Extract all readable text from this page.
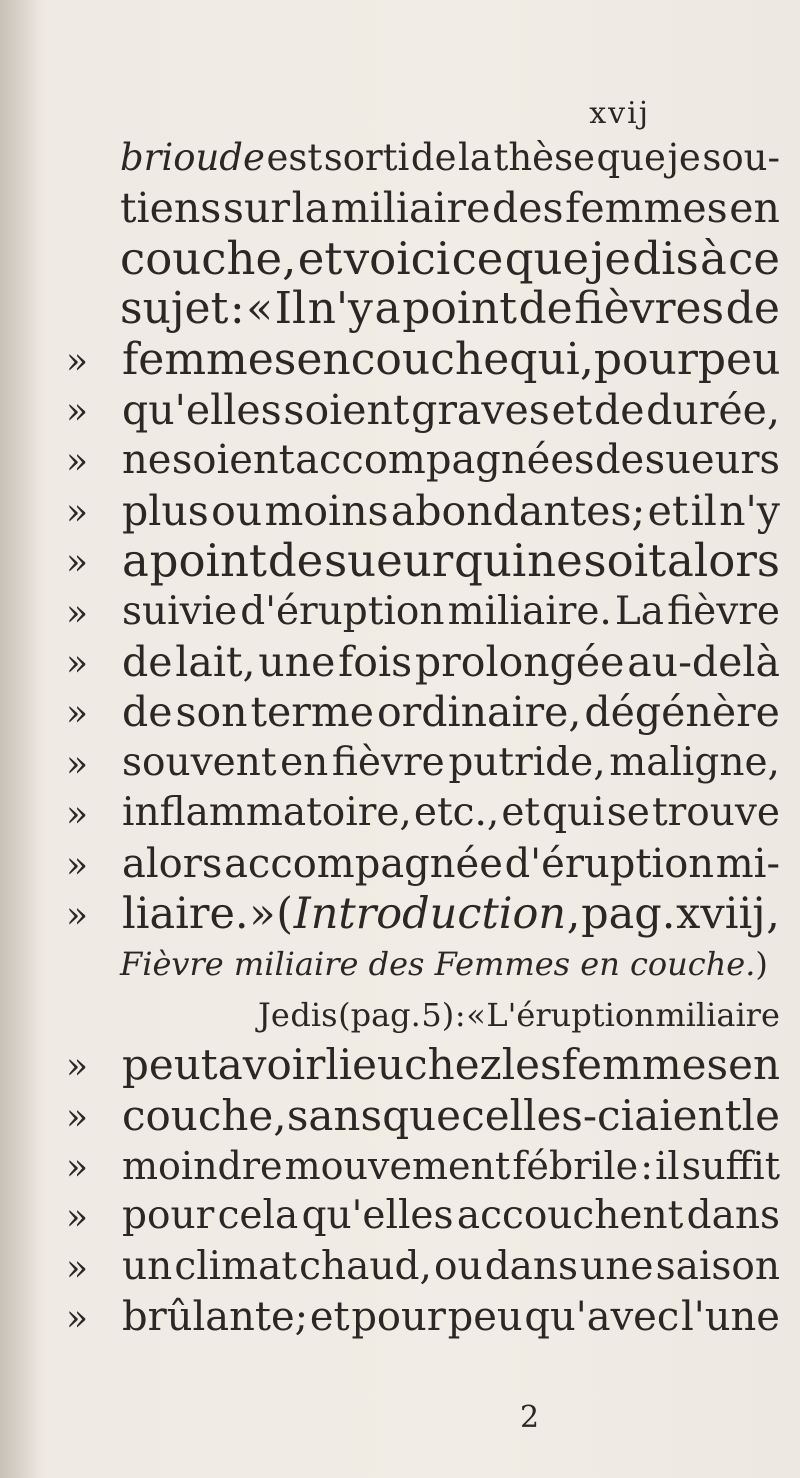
xvij
brioude est sorti de la thèse que je sou-
tiens sur la miliaire des femmes en
couche, et voici ce que je dis à ce
sujet : « Il n'y a point de fièvres de
» femmes en couche qui, pour peu
» qu'elles soient graves et de durée,
» ne soient accompagnées de sueurs
» plus ou moins abondantes; et il n'y
» a point de sueur qui ne soit alors
» suivie d'éruption miliaire. La fièvre
» de lait, une fois prolongée au-delà
» de son terme ordinaire, dégénère
» souvent en fièvre putride, maligne,
» inflammatoire, etc., et qui se trouve
» alors accompagnée d'éruption mi-
» liaire. » ( Introduction , pag. xviij ,
Fièvre miliaire des Femmes en couche.)
Je dis (pag. 5) : « L'éruption miliaire
» peut avoir lieu chez les femmes en
» couche, sans que celles-ci aient le
» moindre mouvement fébrile : il suffit
» pour cela qu'elles accouchent dans
» un climat chaud, ou dans une saison
» brûlante; et pour peu qu'avec l'une
2
